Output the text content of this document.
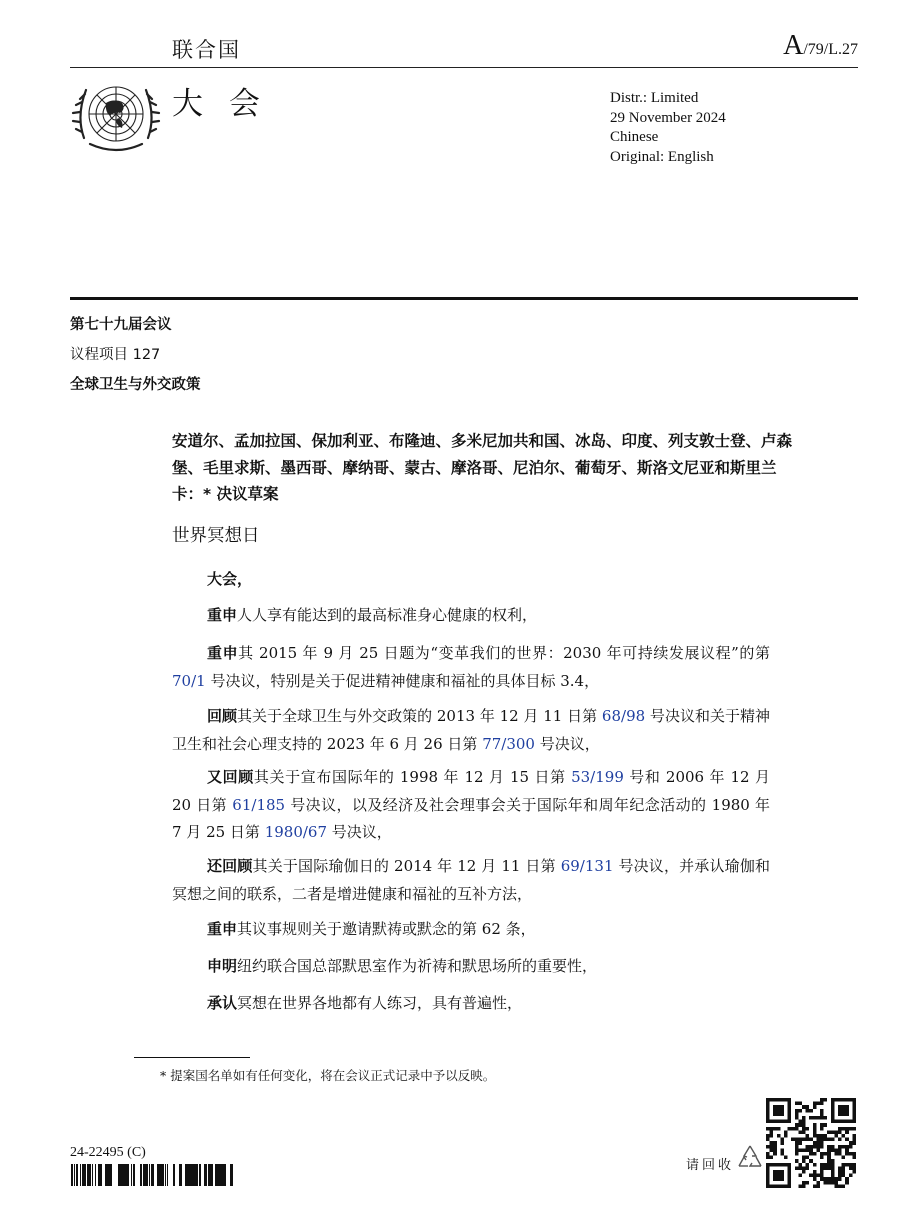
联合国	A/79/L.27
大 会	Distr.: Limited
29 November 2024
Chinese
Original: English
第七十九届会议
议程项目 127
全球卫生与外交政策
安道尔、孟加拉国、保加利亚、布隆迪、多米尼加共和国、冰岛、印度、列支敦士登、卢森堡、毛里求斯、墨西哥、摩纳哥、蒙古、摩洛哥、尼泊尔、葡萄牙、斯洛文尼亚和斯里兰卡：* 决议草案
世界冥想日
大会，
重申人人享有能达到的最高标准身心健康的权利，
重申其 2015 年 9 月 25 日题为“变革我们的世界：2030 年可持续发展议程”的第 70/1 号决议，特别是关于促进精神健康和福祉的具体目标 3.4，
回顾其关于全球卫生与外交政策的 2013 年 12 月 11 日第 68/98 号决议和关于精神卫生和社会心理支持的 2023 年 6 月 26 日第 77/300 号决议，
又回顾其关于宣布国际年的 1998 年 12 月 15 日第 53/199 号和 2006 年 12 月 20 日第 61/185 号决议，以及经济及社会理事会关于国际年和周年纪念活动的 1980 年 7 月 25 日第 1980/67 号决议，
还回顾其关于国际瑜伽日的 2014 年 12 月 11 日第 69/131 号决议，并承认瑜伽和冥想之间的联系，二者是增进健康和福祉的互补方法，
重申其议事规则关于邀请默祷或默念的第 62 条，
申明纽约联合国总部默思室作为祈祷和默思场所的重要性，
承认冥想在世界各地都有人练习，具有普遍性，
* 提案国名单如有任何变化，将在会议正式记录中予以反映。
24-22495 (C)
请回收
